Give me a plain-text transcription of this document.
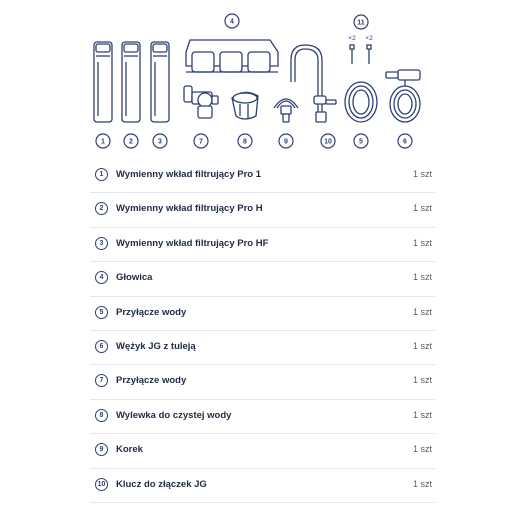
1	2	3
4
5	6
7	8	9	10
11
×2 ×2
1	Wymienny wkład filtrujący Pro 1	1 szt
2	Wymienny wkład filtrujący Pro H	1 szt
3	Wymienny wkład filtrujący Pro HF	1 szt
4	Głowica	1 szt
5	Przyłącze wody	1 szt
6	Wężyk JG z tuleją	1 szt
7	Przyłącze wody	1 szt
8	Wylewka do czystej wody	1 szt
9	Korek	1 szt
10 Klucz do złączek JG	1 szt
